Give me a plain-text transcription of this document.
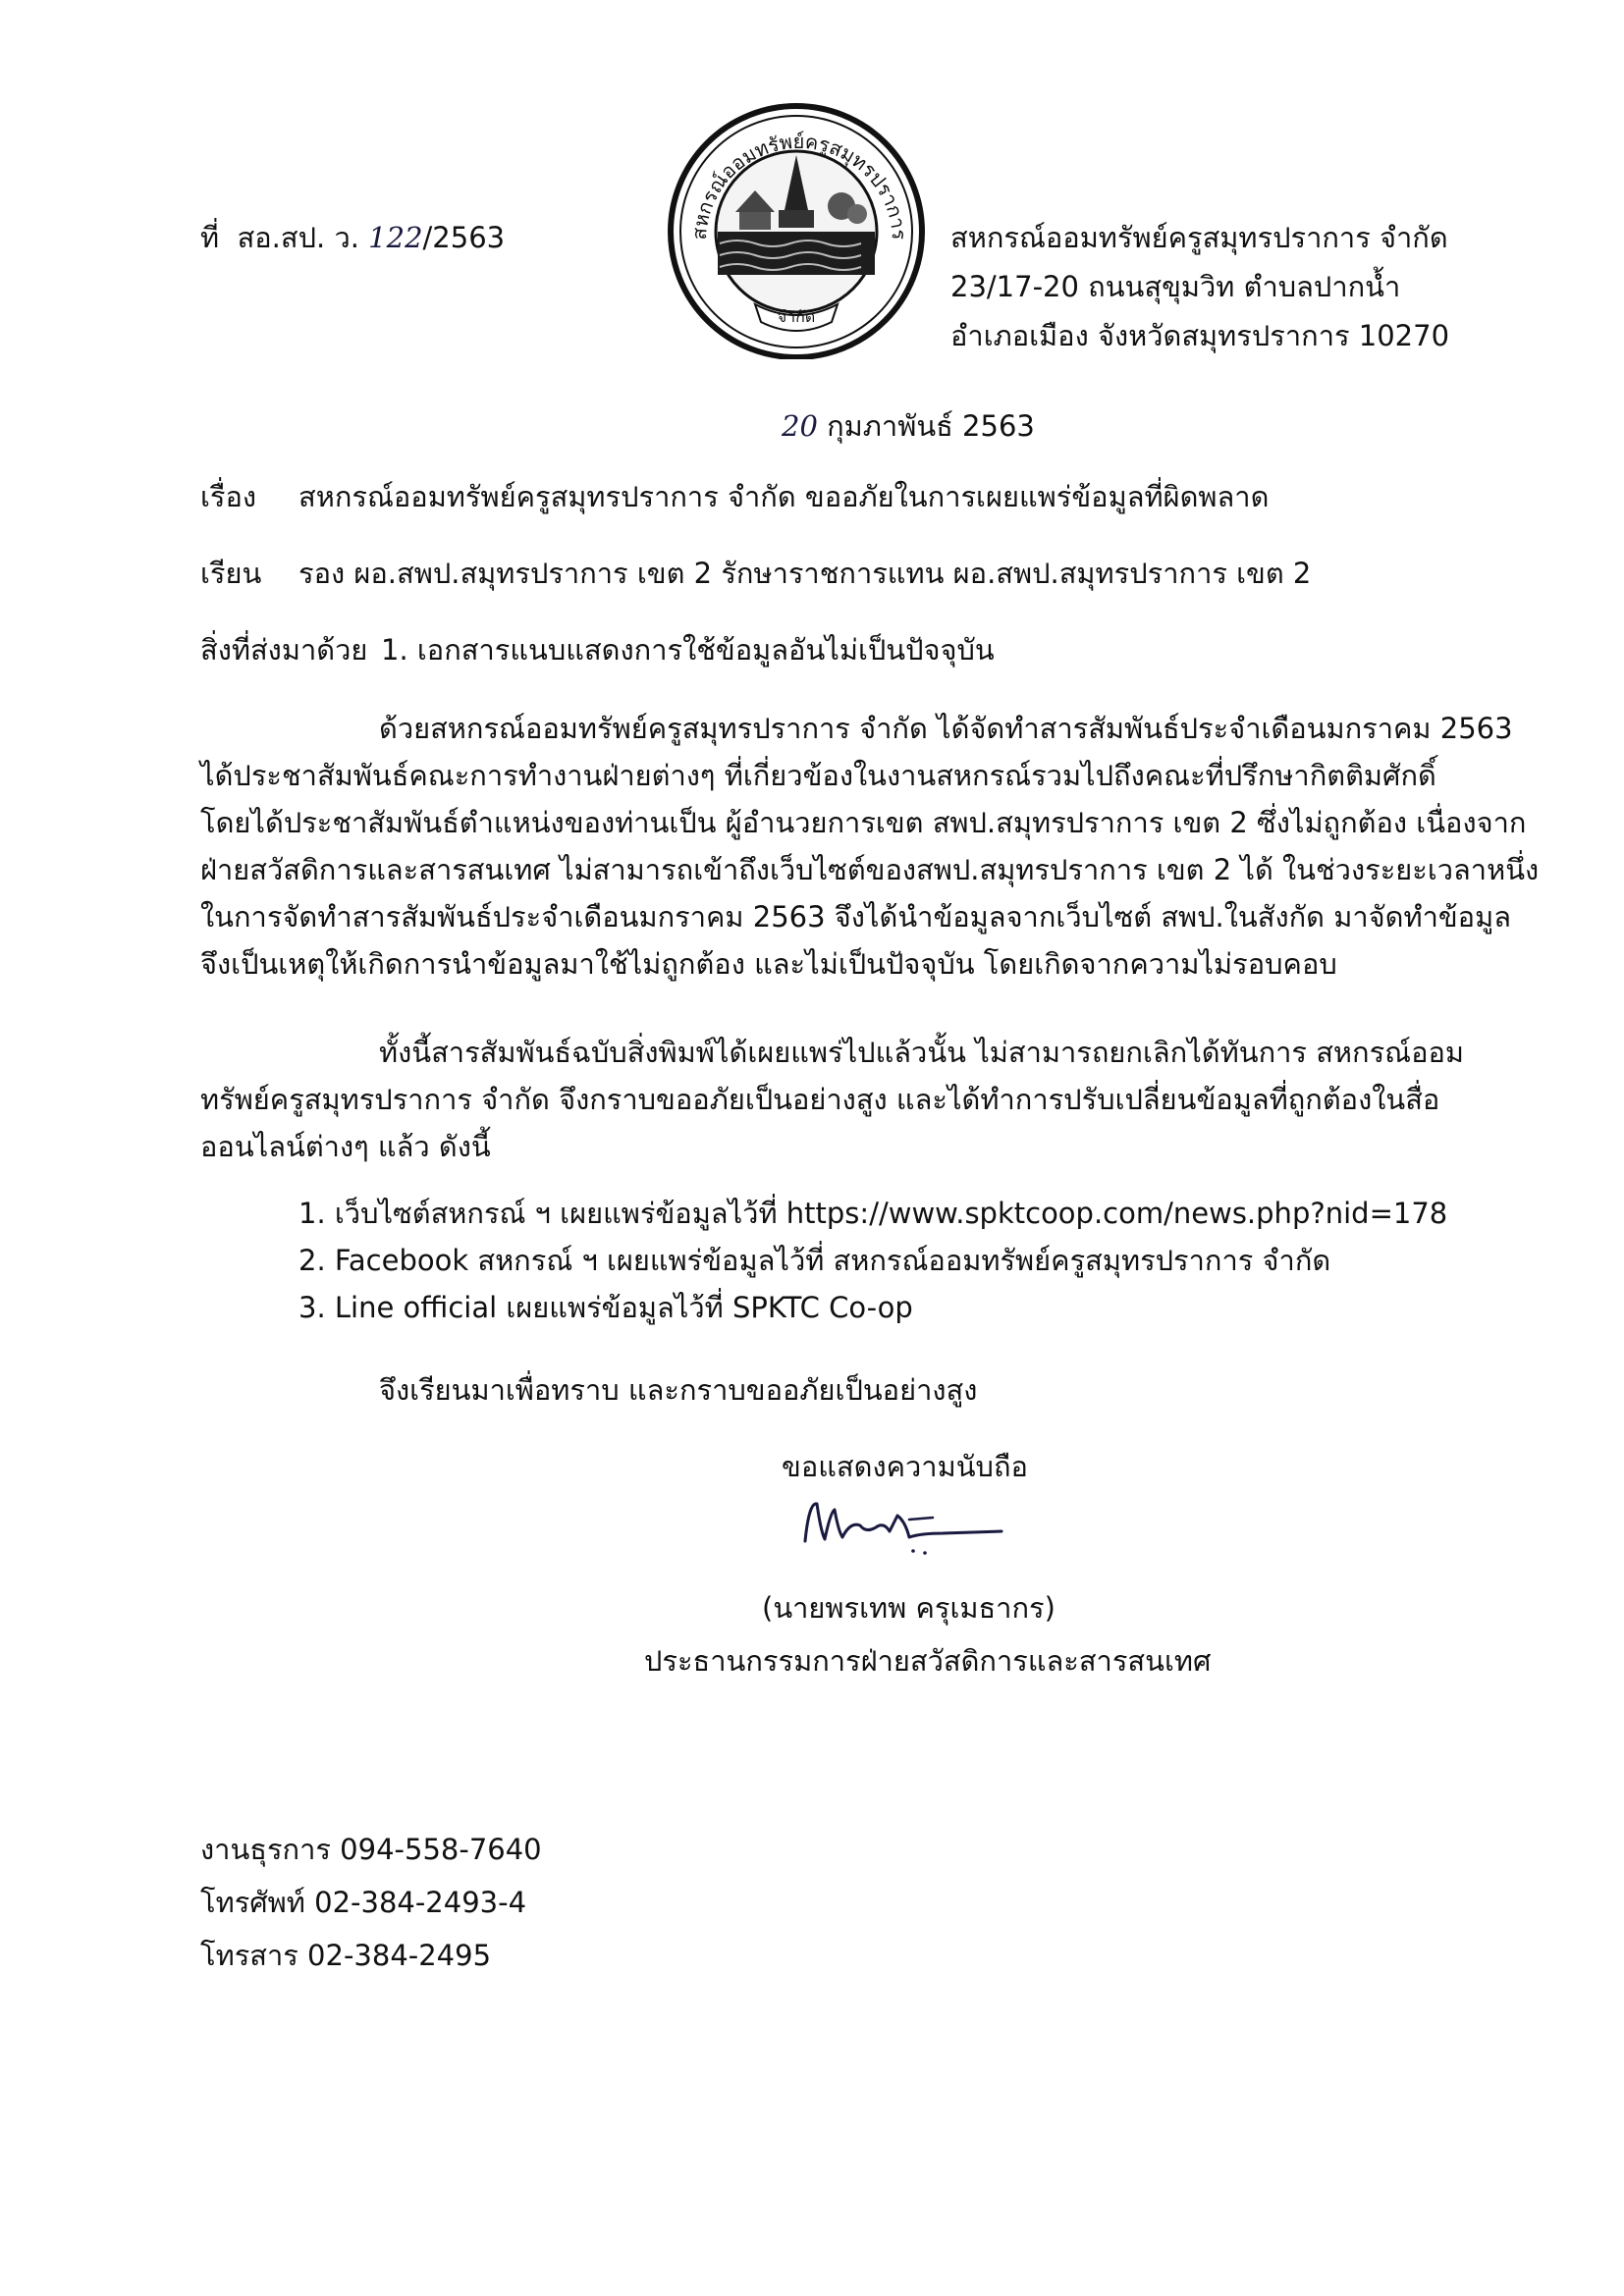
ที่ สอ.สป. ว. 122/2563	สหกรณ์ออมทรัพย์ครูสมุทรปราการ
จำกัด
สหกรณ์ออมทรัพย์ครูสมุทรปราการ จำกัด
23/17-20 ถนนสุขุมวิท ตำบลปากน้ำ
อำเภอเมือง จังหวัดสมุทรปราการ 10270
20 กุมภาพันธ์ 2563
เรื่อง สหกรณ์ออมทรัพย์ครูสมุทรปราการ จำกัด ขออภัยในการเผยแพร่ข้อมูลที่ผิดพลาด
เรียน รอง ผอ.สพป.สมุทรปราการ เขต 2 รักษาราชการแทน ผอ.สพป.สมุทรปราการ เขต 2
สิ่งที่ส่งมาด้วย 1. เอกสารแนบแสดงการใช้ข้อมูลอันไม่เป็นปัจจุบัน
ด้วยสหกรณ์ออมทรัพย์ครูสมุทรปราการ จำกัด ได้จัดทำสารสัมพันธ์ประจำเดือนมกราคม 2563
ได้ประชาสัมพันธ์คณะการทำงานฝ่ายต่างๆ ที่เกี่ยวข้องในงานสหกรณ์รวมไปถึงคณะที่ปรึกษากิตติมศักดิ์
โดยได้ประชาสัมพันธ์ตำแหน่งของท่านเป็น ผู้อำนวยการเขต สพป.สมุทรปราการ เขต 2 ซึ่งไม่ถูกต้อง เนื่องจาก
ฝ่ายสวัสดิการและสารสนเทศ ไม่สามารถเข้าถึงเว็บไซต์ของสพป.สมุทรปราการ เขต 2 ได้ ในช่วงระยะเวลาหนึ่ง
ในการจัดทำสารสัมพันธ์ประจำเดือนมกราคม 2563 จึงได้นำข้อมูลจากเว็บไซต์ สพป.ในสังกัด มาจัดทำข้อมูล
จึงเป็นเหตุให้เกิดการนำข้อมูลมาใช้ไม่ถูกต้อง และไม่เป็นปัจจุบัน โดยเกิดจากความไม่รอบคอบ
ทั้งนี้สารสัมพันธ์ฉบับสิ่งพิมพ์ได้เผยแพร่ไปแล้วนั้น ไม่สามารถยกเลิกได้ทันการ สหกรณ์ออม
ทรัพย์ครูสมุทรปราการ จำกัด จึงกราบขออภัยเป็นอย่างสูง และได้ทำการปรับเปลี่ยนข้อมูลที่ถูกต้องในสื่อ
ออนไลน์ต่างๆ แล้ว ดังนี้
1. เว็บไซต์สหกรณ์ ฯ เผยแพร่ข้อมูลไว้ที่ https://www.spktcoop.com/news.php?nid=178
2. Facebook สหกรณ์ ฯ เผยแพร่ข้อมูลไว้ที่ สหกรณ์ออมทรัพย์ครูสมุทรปราการ จำกัด
3. Line official เผยแพร่ข้อมูลไว้ที่ SPKTC Co-op
จึงเรียนมาเพื่อทราบ และกราบขออภัยเป็นอย่างสูง
ขอแสดงความนับถือ
(นายพรเทพ ครุเมธากร)
ประธานกรรมการฝ่ายสวัสดิการและสารสนเทศ
งานธุรการ 094-558-7640
โทรศัพท์ 02-384-2493-4
โทรสาร 02-384-2495
